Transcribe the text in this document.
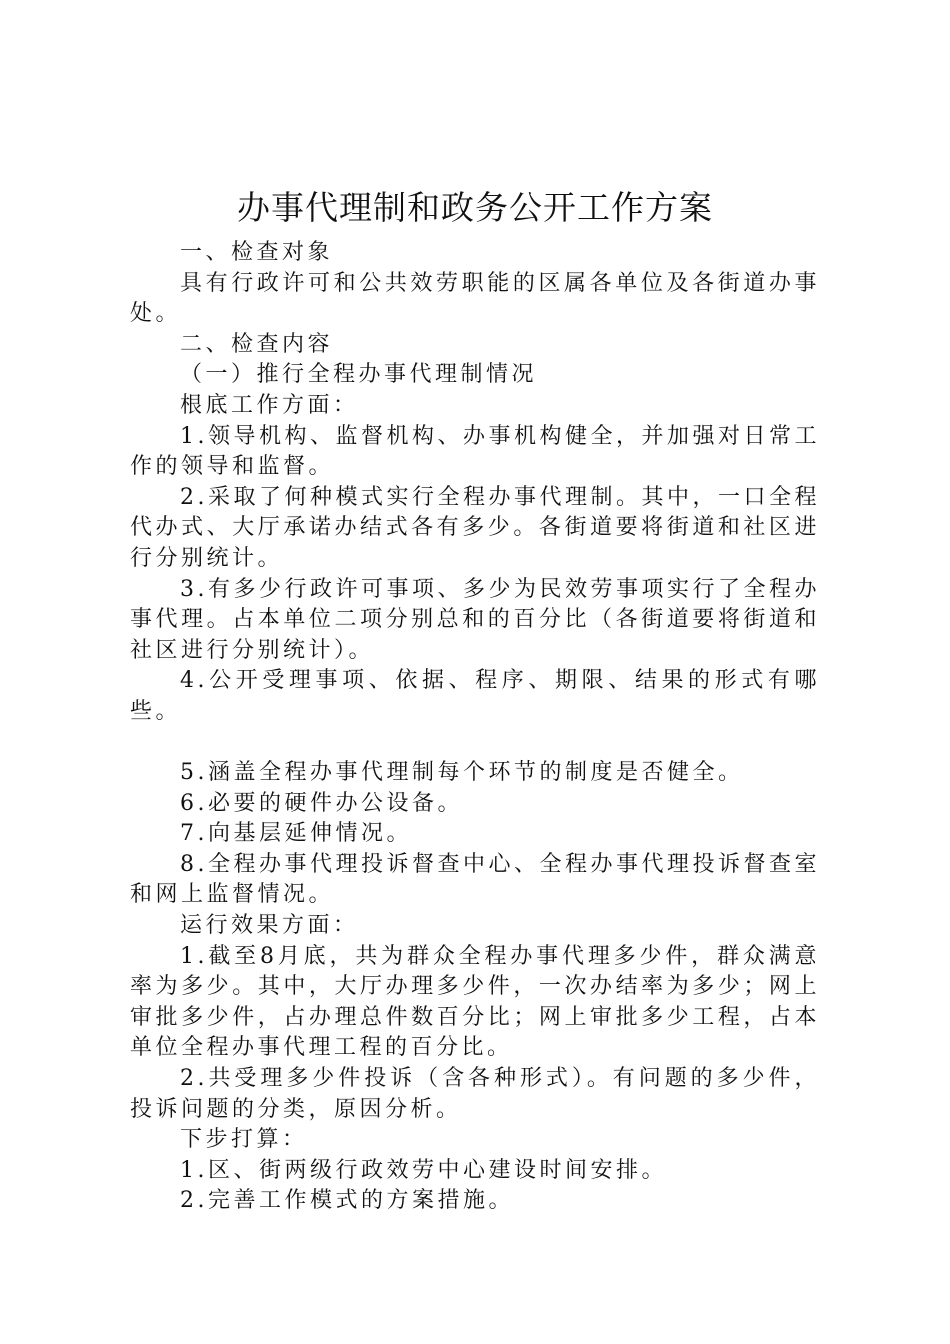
办事代理制和政务公开工作方案

一、检查对象

具有行政许可和公共效劳职能的区属各单位及各街道办事处。

二、检查内容

（一）推行全程办事代理制情况

根底工作方面：

1.领导机构、监督机构、办事机构健全，并加强对日常工作的领导和监督。

2.采取了何种模式实行全程办事代理制。其中，一口全程代办式、大厅承诺办结式各有多少。各街道要将街道和社区进行分别统计。

3.有多少行政许可事项、多少为民效劳事项实行了全程办事代理。占本单位二项分别总和的百分比（各街道要将街道和社区进行分别统计）。

4.公开受理事项、依据、程序、期限、结果的形式有哪些。

5.涵盖全程办事代理制每个环节的制度是否健全。

6.必要的硬件办公设备。

7.向基层延伸情况。

8.全程办事代理投诉督查中心、全程办事代理投诉督查室和网上监督情况。

运行效果方面：

1.截至8月底，共为群众全程办事代理多少件，群众满意率为多少。其中，大厅办理多少件，一次办结率为多少；网上审批多少件，占办理总件数百分比；网上审批多少工程，占本单位全程办事代理工程的百分比。

2.共受理多少件投诉（含各种形式）。有问题的多少件，投诉问题的分类，原因分析。

下步打算：

1.区、街两级行政效劳中心建设时间安排。

2.完善工作模式的方案措施。
